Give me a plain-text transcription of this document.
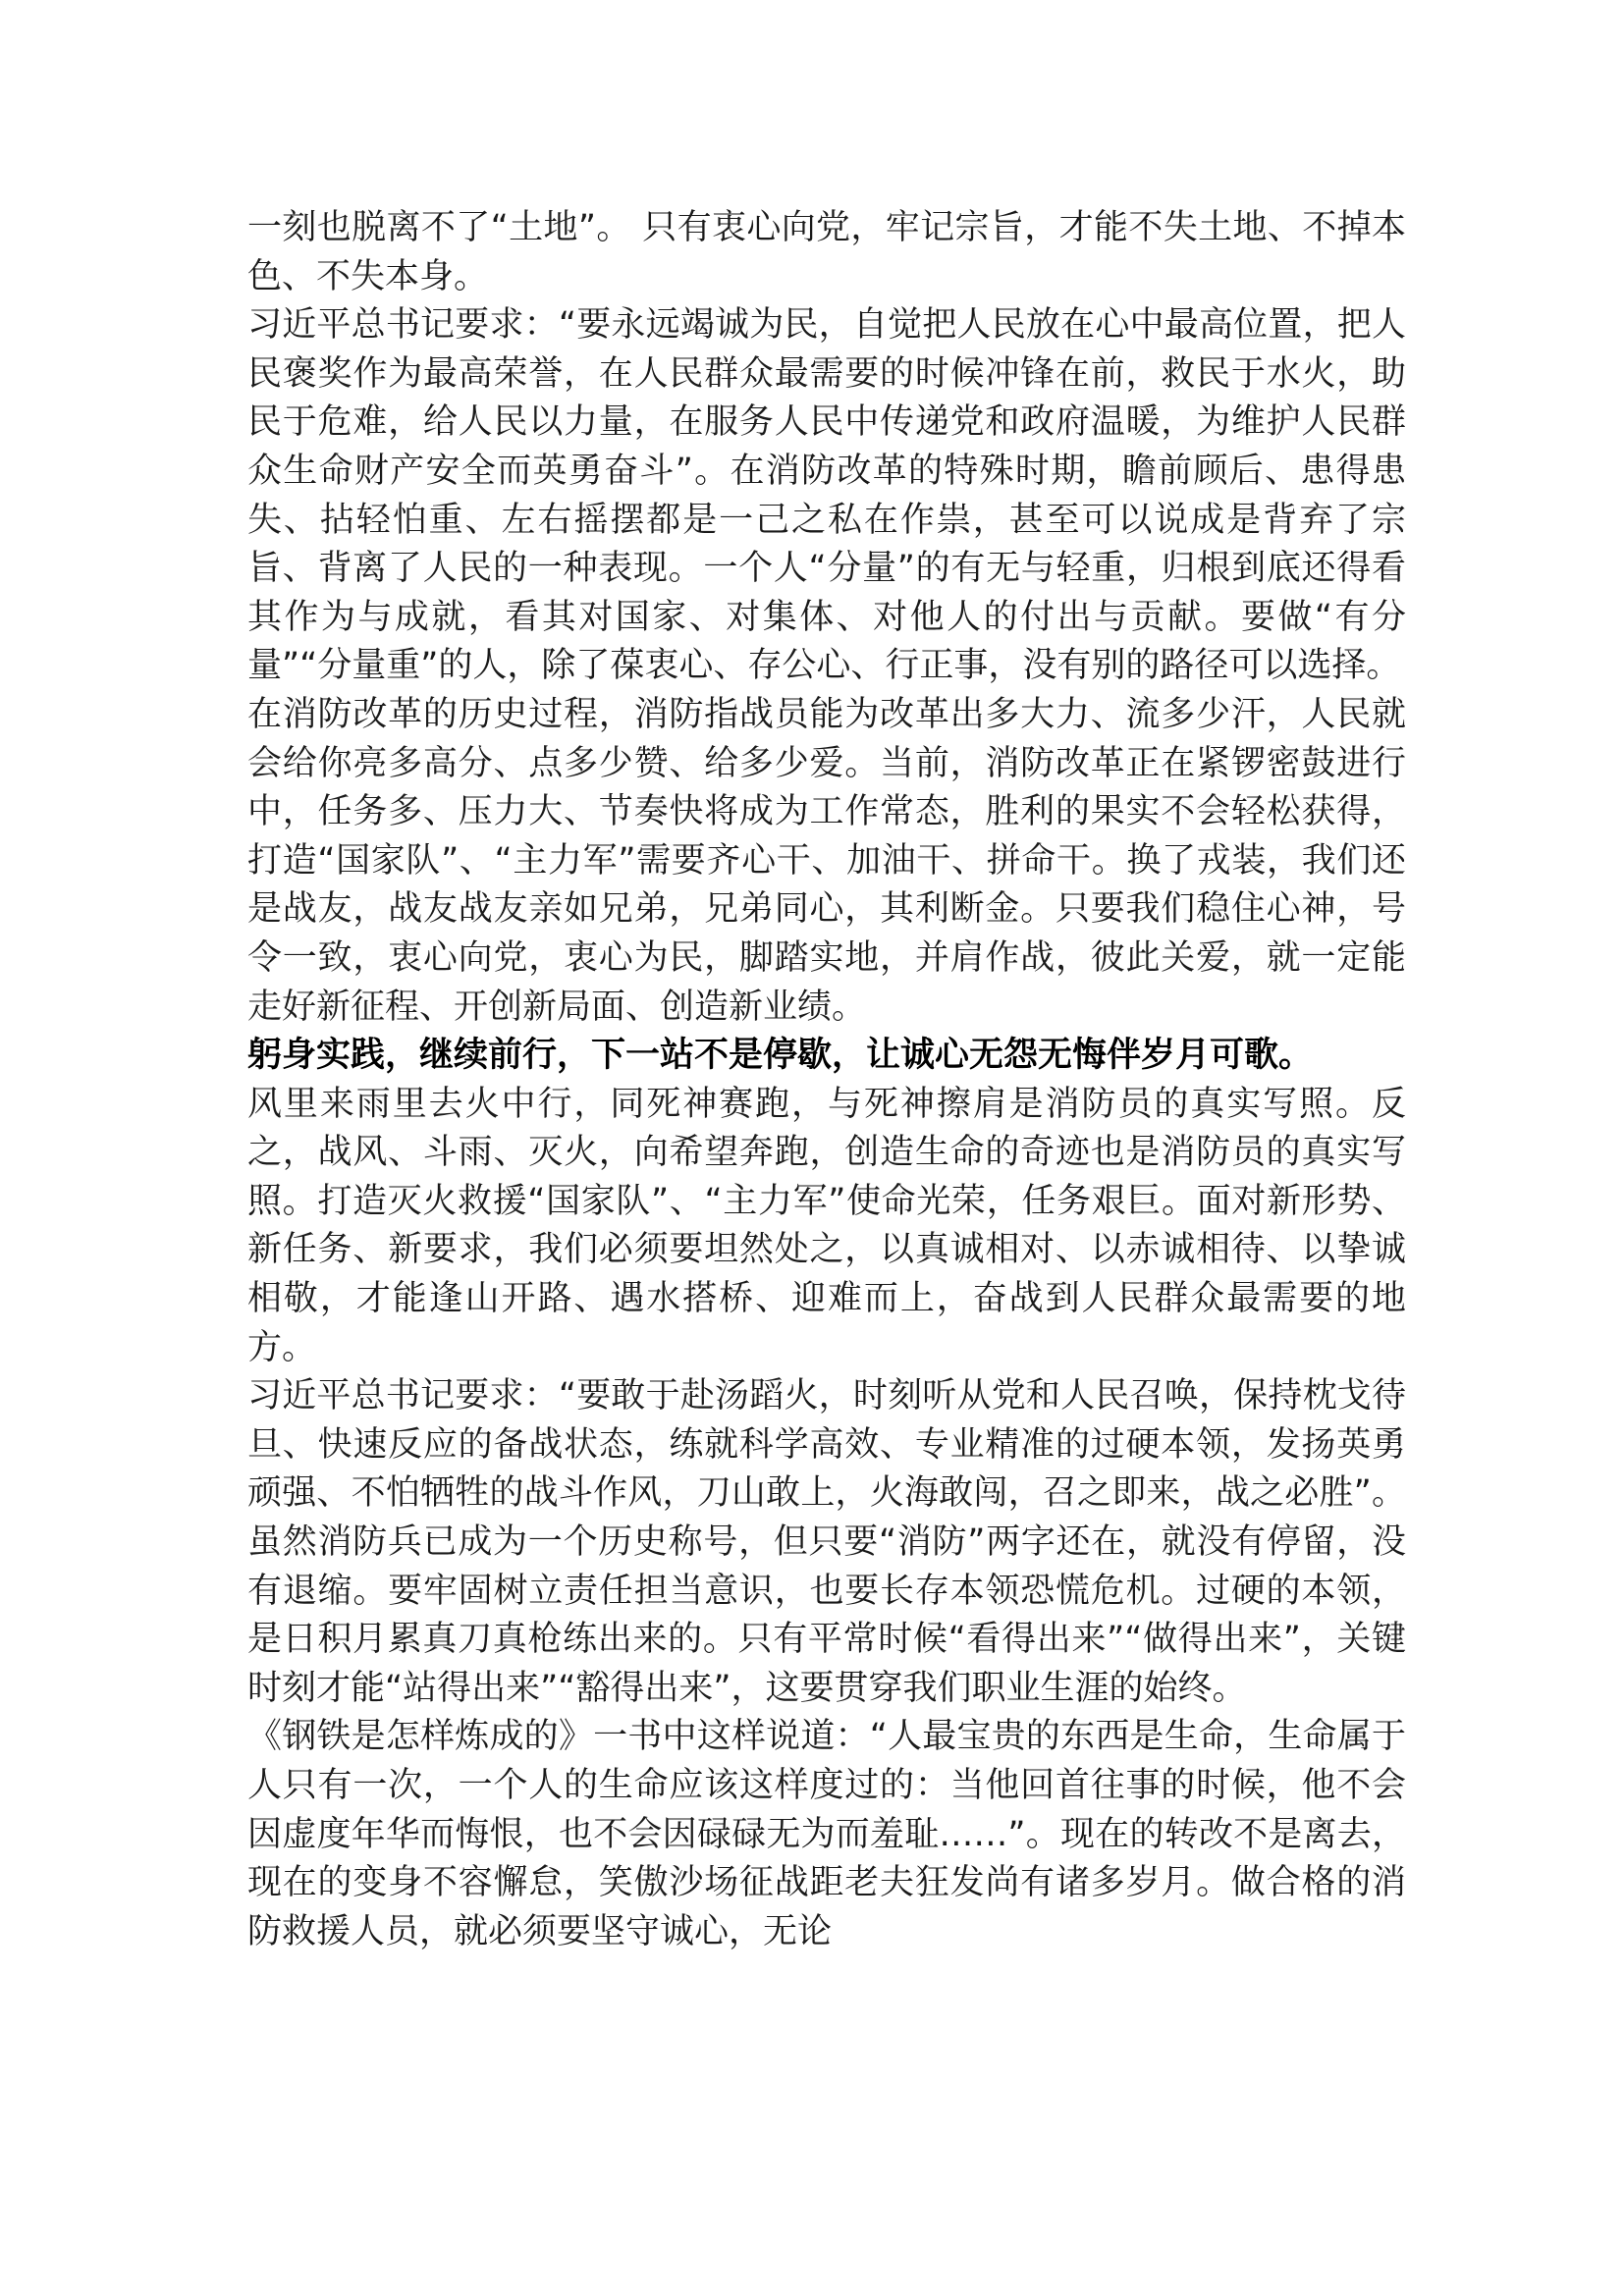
一刻也脱离不了“土地”。 只有衷心向党，牢记宗旨，才能不失土地、不掉本色、不失本身。

习近平总书记要求：“要永远竭诚为民，自觉把人民放在心中最高位置，把人民褒奖作为最高荣誉，在人民群众最需要的时候冲锋在前，救民于水火，助民于危难，给人民以力量，在服务人民中传递党和政府温暖，为维护人民群众生命财产安全而英勇奋斗”。在消防改革的特殊时期，瞻前顾后、患得患失、拈轻怕重、左右摇摆都是一己之私在作祟，甚至可以说成是背弃了宗旨、背离了人民的一种表现。一个人“分量”的有无与轻重，归根到底还得看其作为与成就，看其对国家、对集体、对他人的付出与贡献。要做“有分量”“分量重”的人，除了葆衷心、存公心、行正事，没有别的路径可以选择。

在消防改革的历史过程，消防指战员能为改革出多大力、流多少汗，人民就会给你亮多高分、点多少赞、给多少爱。当前，消防改革正在紧锣密鼓进行中，任务多、压力大、节奏快将成为工作常态，胜利的果实不会轻松获得，打造“国家队”、“主力军”需要齐心干、加油干、拼命干。换了戎装，我们还是战友，战友战友亲如兄弟，兄弟同心，其利断金。只要我们稳住心神，号令一致，衷心向党，衷心为民，脚踏实地，并肩作战，彼此关爱，就一定能走好新征程、开创新局面、创造新业绩。

躬身实践，继续前行，下一站不是停歇，让诚心无怨无悔伴岁月可歌。

风里来雨里去火中行，同死神赛跑，与死神擦肩是消防员的真实写照。反之，战风、斗雨、灭火，向希望奔跑，创造生命的奇迹也是消防员的真实写照。打造灭火救援“国家队”、“主力军”使命光荣，任务艰巨。面对新形势、新任务、新要求，我们必须要坦然处之，以真诚相对、以赤诚相待、以挚诚相敬，才能逢山开路、遇水搭桥、迎难而上，奋战到人民群众最需要的地方。

习近平总书记要求：“要敢于赴汤蹈火，时刻听从党和人民召唤，保持枕戈待旦、快速反应的备战状态，练就科学高效、专业精准的过硬本领，发扬英勇顽强、不怕牺牲的战斗作风，刀山敢上，火海敢闯，召之即来，战之必胜”。虽然消防兵已成为一个历史称号，但只要“消防”两字还在，就没有停留，没有退缩。要牢固树立责任担当意识，也要长存本领恐慌危机。过硬的本领，是日积月累真刀真枪练出来的。只有平常时候“看得出来”“做得出来”，关键时刻才能“站得出来”“豁得出来”，这要贯穿我们职业生涯的始终。

《钢铁是怎样炼成的》一书中这样说道：“人最宝贵的东西是生命，生命属于人只有一次，一个人的生命应该这样度过的：当他回首往事的时候，他不会因虚度年华而悔恨，也不会因碌碌无为而羞耻……”。现在的转改不是离去，现在的变身不容懈怠，笑傲沙场征战距老夫狂发尚有诸多岁月。做合格的消防救援人员，就必须要坚守诚心，无论
